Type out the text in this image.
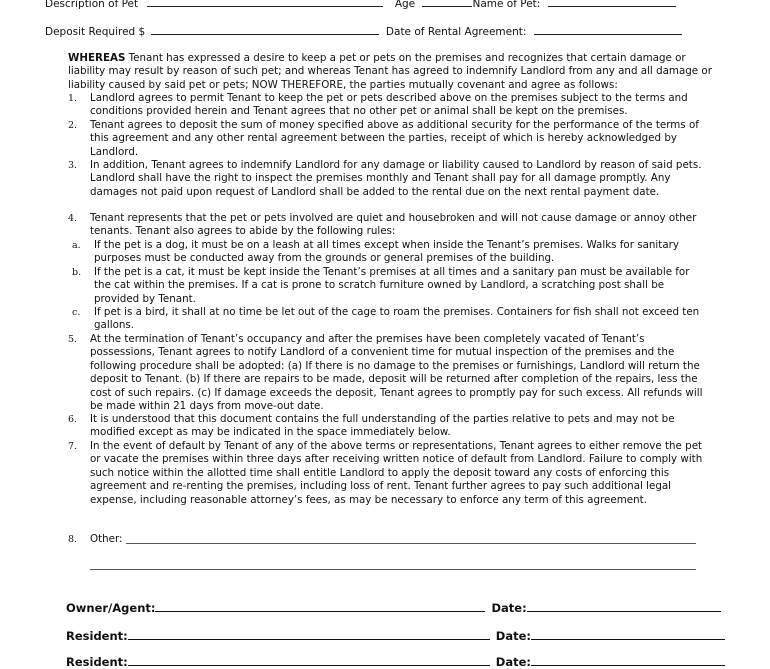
Description of Pet	Age	Name of Pet:
Deposit Required $	Date of Rental Agreement:
WHEREAS Tenant has expressed a desire to keep a pet or pets on the premises and recognizes that certain damage or liability may result by reason of such pet; and whereas Tenant has agreed to indemnify Landlord from any and all damage or liability caused by said pet or pets; NOW THEREFORE, the parties mutually covenant and agree as follows:
1. Landlord agrees to permit Tenant to keep the pet or pets described above on the premises subject to the terms and conditions provided herein and Tenant agrees that no other pet or animal shall be kept on the premises.
2. Tenant agrees to deposit the sum of money specified above as additional security for the performance of the terms of this agreement and any other rental agreement between the parties, receipt of which is hereby acknowledged by Landlord.
3. In addition, Tenant agrees to indemnify Landlord for any damage or liability caused to Landlord by reason of said pets. Landlord shall have the right to inspect the premises monthly and Tenant shall pay for all damage promptly. Any damages not paid upon request of Landlord shall be added to the rental due on the next rental payment date.
4. Tenant represents that the pet or pets involved are quiet and housebroken and will not cause damage or annoy other tenants. Tenant also agrees to abide by the following rules:
a. If the pet is a dog, it must be on a leash at all times except when inside the Tenant’s premises. Walks for sanitary purposes must be conducted away from the grounds or general premises of the building.
b. If the pet is a cat, it must be kept inside the Tenant’s premises at all times and a sanitary pan must be available for the cat within the premises. If a cat is prone to scratch furniture owned by Landlord, a scratching post shall be provided by Tenant.
c. If pet is a bird, it shall at no time be let out of the cage to roam the premises. Containers for fish shall not exceed ten gallons.
5. At the termination of Tenant’s occupancy and after the premises have been completely vacated of Tenant’s possessions, Tenant agrees to notify Landlord of a convenient time for mutual inspection of the premises and the following procedure shall be adopted: (a) If there is no damage to the premises or furnishings, Landlord will return the deposit to Tenant. (b) If there are repairs to be made, deposit will be returned after completion of the repairs, less the cost of such repairs. (c) If damage exceeds the deposit, Tenant agrees to promptly pay for such excess. All refunds will be made within 21 days from move-out date.
6. It is understood that this document contains the full understanding of the parties relative to pets and may not be modified except as may be indicated in the space immediately below.
7. In the event of default by Tenant of any of the above terms or representations, Tenant agrees to either remove the pet or vacate the premises within three days after receiving written notice of default from Landlord. Failure to comply with such notice within the allotted time shall entitle Landlord to apply the deposit toward any costs of enforcing this agreement and re-renting the premises, including loss of rent. Tenant further agrees to pay such additional legal expense, including reasonable attorney’s fees, as may be necessary to enforce any term of this agreement.
8. Other:
Owner/Agent:	Date:
Resident:	Date:
Resident:	Date:
